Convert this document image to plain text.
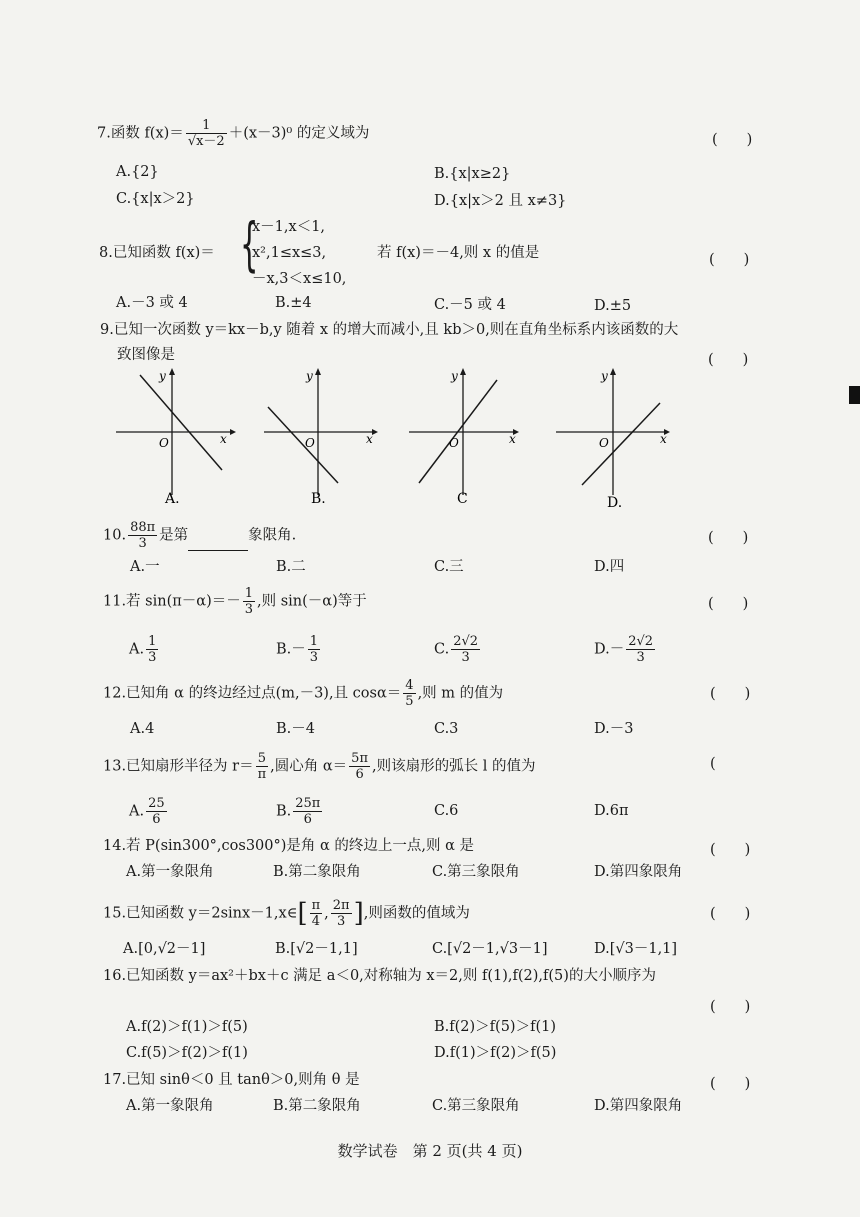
7.函数 $f(x)= \frac{1}{√x-2} +(x-3)^0$ 的定义域为	(　　)
A.{2}	B.{x|x≥2}
C.{x|x＞2}	D.{x|x＞2 且 x≠3}
8.已知函数 f(x)＝ {
x－1,x＜1,
x²,1≤x≤3,
－x,3＜x≤10,
若 f(x)＝－4,则 x 的值是	(　　)
A.－3 或 4	B.±4	C.－5 或 4	D.±5
9.已知一次函数 y＝kx－b,y 随着 x 的增大而减小,且 kb＞0,则在直角坐标系内该函数的大
致图像是	(　　)
O	x
y
A.
O	x
y
B.
O	x
y
C
O	x
y
D.
10. $\frac{88\pi}{3}$ 是第	象限角.	(　　)
A.一	B.二	C.三	D.四
11.若 $\sin(\pi-\alpha)=- \frac{1}{3}$ ,则 sin(－α)等于	(　　)
A. $\frac{1}{3}$	$B.- \frac{1}{3}$	C. $\frac{2√2}{3}$	$D.- \frac{2√2}{3}$
12.已知角 α 的终边经过点(m,－3),且 $\cos\alpha= \frac{4}{5}$ ,则 m 的值为	(　　)
A.4	B.－4	C.3	D.－3
13.已知扇形半径为 $r= \frac{5}{\pi}$ ,圆心角 $\alpha= \frac{5\pi}{6}$ ,则该扇形的弧长 l 的值为	(
A. $\frac{25}{6}$	B. $\frac{25\pi}{6}$	C.6	D.6π
14.若 P(sin300°,cos300°)是角 α 的终边上一点,则 α 是	(　　)
A.第一象限角	B.第二象限角	C.第三象限角	D.第四象限角
15.已知函数 y＝2sinx－1,x∈[ $\frac{\pi}{4}$ , $\frac{2\pi}{3}$ ],则函数的值域为	(　　)
A.[0,√2－1]	B.[√2－1,1]	C.[√2－1,√3－1]	D.[√3－1,1]
16.已知函数 y＝ax²＋bx＋c 满足 a＜0,对称轴为 x＝2,则 f(1),f(2),f(5)的大小顺序为
(　　)
A.f(2)＞f(1)＞f(5)	B.f(2)＞f(5)＞f(1)
C.f(5)＞f(2)＞f(1)	D.f(1)＞f(2)＞f(5)
17.已知 sinθ＜0 且 tanθ＞0,则角 θ 是	(　　)
A.第一象限角	B.第二象限角	C.第三象限角	D.第四象限角
数学试卷　第 2 页(共 4 页)
